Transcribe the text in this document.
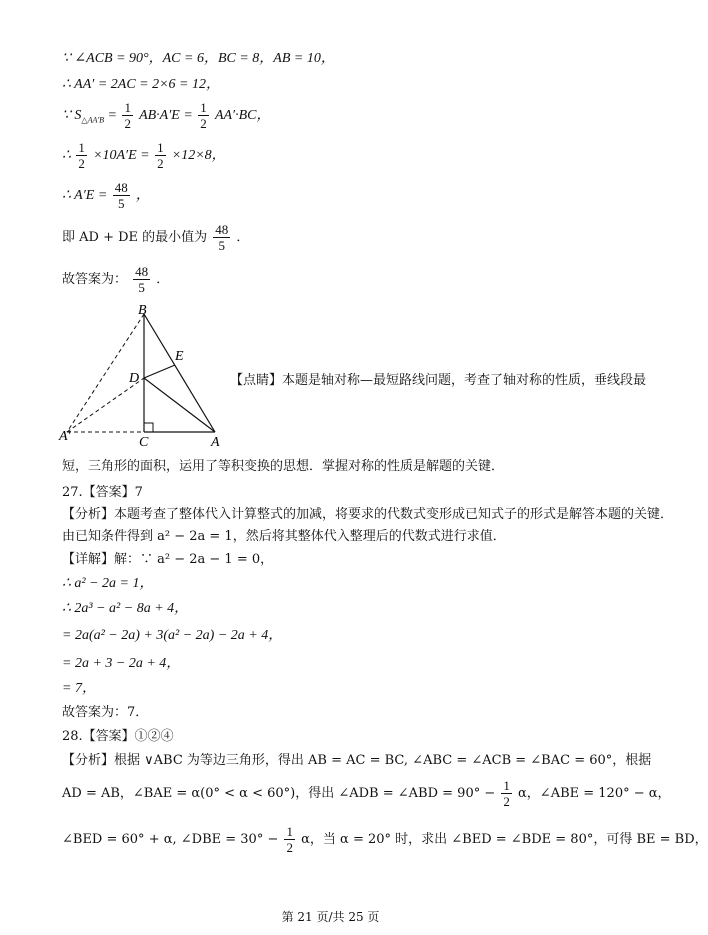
∵ ∠ACB = 90°，AC = 6，BC = 8，AB = 10，
∴ AA′ = 2AC = 2×6 = 12，
∵ $S_{\triangle AA'B} = \frac{1}{2} AB\cdot A'E = \frac{1}{2} AA'\cdot BC$，
∴ $\frac{1}{2} \times 10A'E = \frac{1}{2} \times 12\times 8$，
∴ $A'E = \frac{48}{5}$ ，
即 AD + DE 的最小值为 $\frac{48}{5}$ ．
故答案为： $\frac{48}{5}$ ．
B
E
D
A′	C	A
【点睛】本题是轴对称—最短路线问题，考查了轴对称的性质，垂线段最
短，三角形的面积，运用了等积变换的思想．掌握对称的性质是解题的关键．
27.【答案】7
【分析】本题考查了整体代入计算整式的加减，将要求的代数式变形成已知式子的形式是解答本题的关键．
由已知条件得到 a² − 2a = 1，然后将其整体代入整理后的代数式进行求值．
【详解】解：∵ a² − 2a − 1 = 0，
∴ a² − 2a = 1，
∴ 2a³ − a² − 8a + 4，
= 2a(a² − 2a) + 3(a² − 2a) − 2a + 4，
= 2a + 3 − 2a + 4，
= 7，
故答案为：7．
28.【答案】①②④
【分析】根据 ∨ABC 为等边三角形，得出 AB = AC = BC, ∠ABC = ∠ACB = ∠BAC = 60°，根据
AD = AB，∠BAE = α(0° < α < 60°)，得出 ∠ADB = ∠ABD = $90^\circ - \frac{1}{2}$ α，∠ABE = 120° − α，
∠BED = 60° + α, ∠DBE = $30^\circ - \frac{1}{2}$ α，当 α = 20° 时，求出 ∠BED = ∠BDE = 80°，可得 BE = BD，
第 21 页/共 25 页
